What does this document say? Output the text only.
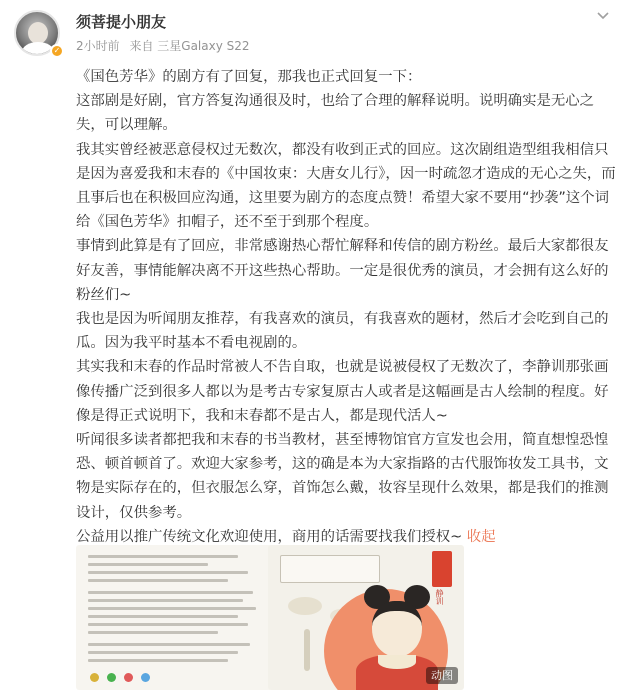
✓
须菩提小朋友
2小时前 来自 三星Galaxy S22

《国色芳华》的剧方有了回复，那我也正式回复一下：

这部剧是好剧，官方答复沟通很及时，也给了合理的解释说明。说明确实是无心之失，可以理解。

我其实曾经被恶意侵权过无数次，都没有收到正式的回应。这次剧组造型组我相信只是因为喜爱我和末春的《中国妆束：大唐女儿行》，因一时疏忽才造成的无心之失，而且事后也在积极回应沟通，这里要为剧方的态度点赞！希望大家不要用“抄袭”这个词给《国色芳华》扣帽子，还不至于到那个程度。

事情到此算是有了回应，非常感谢热心帮忙解释和传信的剧方粉丝。最后大家都很友好友善，事情能解决离不开这些热心帮助。一定是很优秀的演员，才会拥有这么好的粉丝们~

我也是因为听闻朋友推荐，有我喜欢的演员，有我喜欢的题材，然后才会吃到自己的瓜。因为我平时基本不看电视剧的。

其实我和末春的作品时常被人不告自取，也就是说被侵权了无数次了，李静训那张画像传播广泛到很多人都以为是考古专家复原古人或者是这幅画是古人绘制的程度。好像是得正式说明下，我和末春都不是古人，都是现代活人~

听闻很多读者都把我和末春的书当教材，甚至博物馆官方宣发也会用，简直想惶恐惶恐、顿首顿首了。欢迎大家参考，这的确是本为大家指路的古代服饰妆发工具书，文物是实际存在的，但衣服怎么穿，首饰怎么戴，妆容呈现什么效果，都是我们的推测设计，仅供参考。

公益用以推广传统文化欢迎使用，商用的话需要找我们授权~ 收起

静训
动图
